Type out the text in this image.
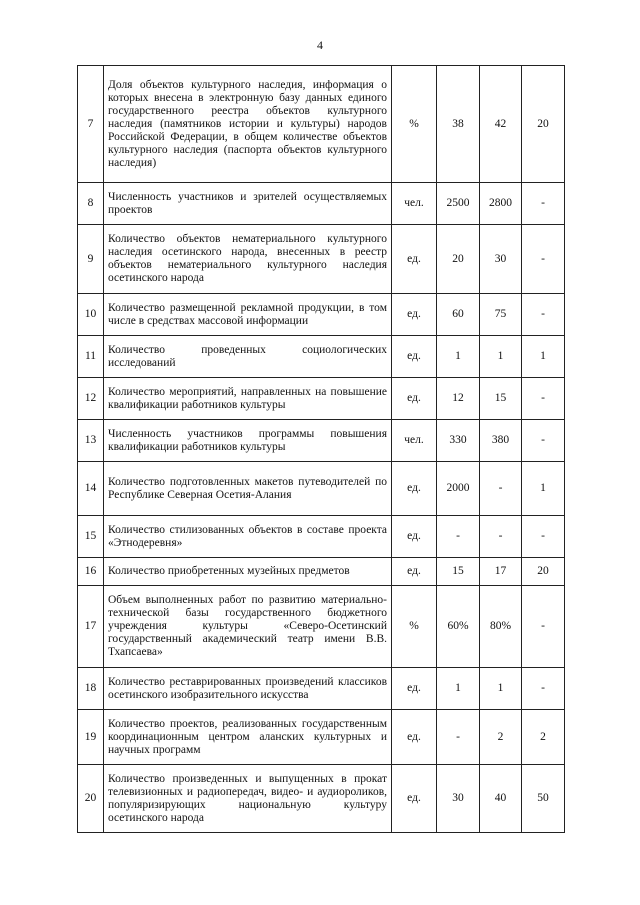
4
7	Доля объектов культурного наследия, информация о которых внесена в электронную базу данных единого государственного реестра объектов культурного наследия (памятников истории и культуры) народов Российской Федерации, в общем количестве объектов культурного наследия (паспорта объектов культурного наследия)	%	38	42	20
8	Численность участников и зрителей осуществляемых проектов	чел.	2500	2800	-
9	Количество объектов нематериального культурного наследия осетинского народа, внесенных в реестр объектов нематериального культурного наследия осетинского народа	ед.	20	30	-
10	Количество размещенной рекламной продукции, в том числе в средствах массовой информации	ед.	60	75	-
11	Количество проведенных социологических исследований	ед.	1	1	1
12	Количество мероприятий, направленных на повышение квалификации работников культуры	ед.	12	15	-
13	Численность участников программы повышения квалификации работников культуры	чел.	330	380	-
14	Количество подготовленных макетов путеводителей по Республике Северная Осетия-Алания	ед.	2000	-	1
15	Количество стилизованных объектов в составе проекта «Этнодеревня»	ед.	-	-	-
16	Количество приобретенных музейных предметов	ед.	15	17	20
17	Объем выполненных работ по развитию материально-технической базы государственного бюджетного учреждения культуры «Северо-Осетинский государственный академический театр имени В.В. Тхапсаева»	%	60%	80%	-
18	Количество реставрированных произведений классиков осетинского изобразительного искусства	ед.	1	1	-
19	Количество проектов, реализованных государственным координационным центром аланских культурных и научных программ	ед.	-	2	2
20	Количество произведенных и выпущенных в прокат телевизионных и радиопередач, видео- и аудиороликов, популяризирующих национальную культуру осетинского народа	ед.	30	40	50
